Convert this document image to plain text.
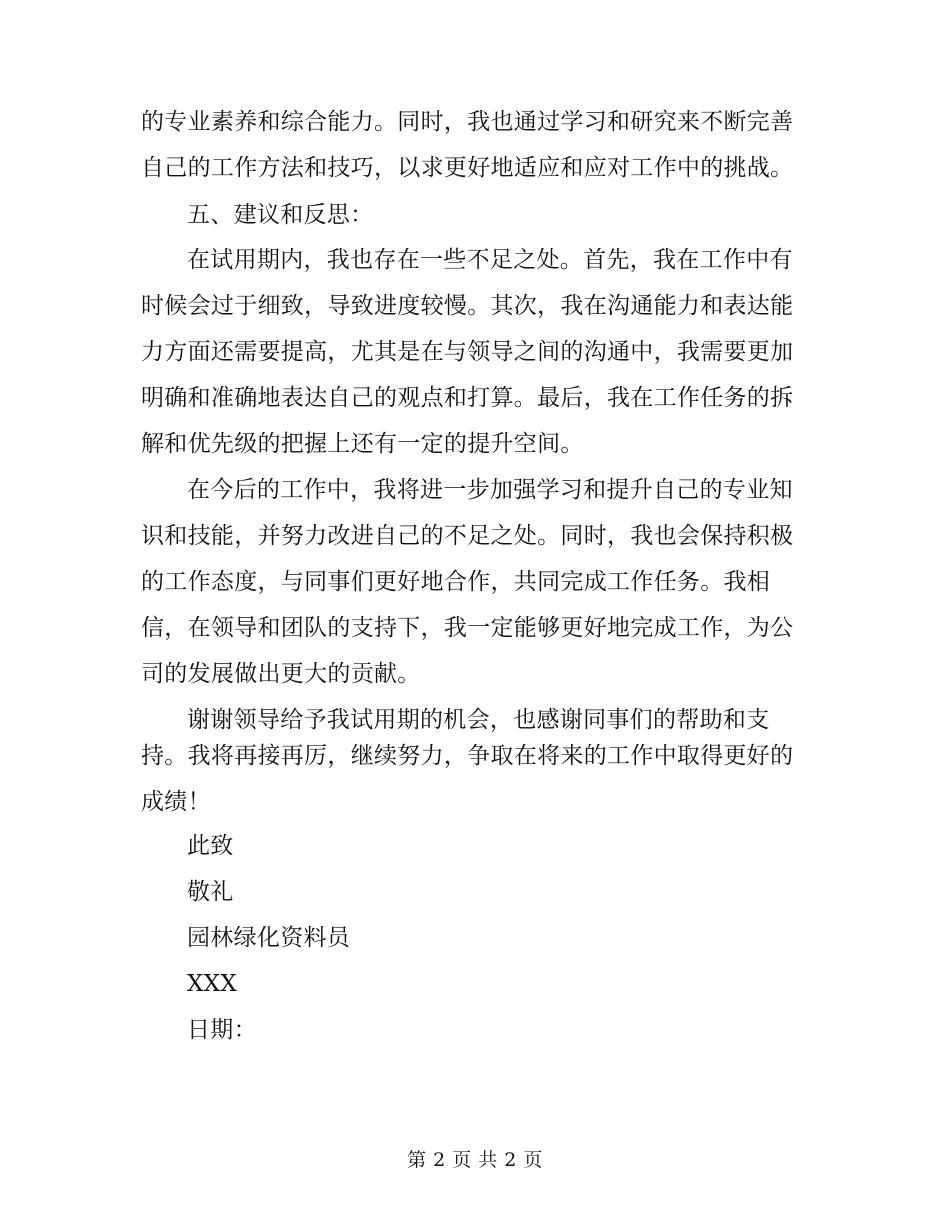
的专业素养和综合能力。同时，我也通过学习和研究来不断完善
自己的工作方法和技巧，以求更好地适应和应对工作中的挑战。
五、建议和反思：
在试用期内，我也存在一些不足之处。首先，我在工作中有
时候会过于细致，导致进度较慢。其次，我在沟通能力和表达能
力方面还需要提高，尤其是在与领导之间的沟通中，我需要更加
明确和准确地表达自己的观点和打算。最后，我在工作任务的拆
解和优先级的把握上还有一定的提升空间。
在今后的工作中，我将进一步加强学习和提升自己的专业知
识和技能，并努力改进自己的不足之处。同时，我也会保持积极
的工作态度，与同事们更好地合作，共同完成工作任务。我相
信，在领导和团队的支持下，我一定能够更好地完成工作，为公
司的发展做出更大的贡献。
谢谢领导给予我试用期的机会，也感谢同事们的帮助和支
持。我将再接再厉，继续努力，争取在将来的工作中取得更好的
成绩！
此致
敬礼
园林绿化资料员
XXX
日期：
第 2 页 共 2 页
